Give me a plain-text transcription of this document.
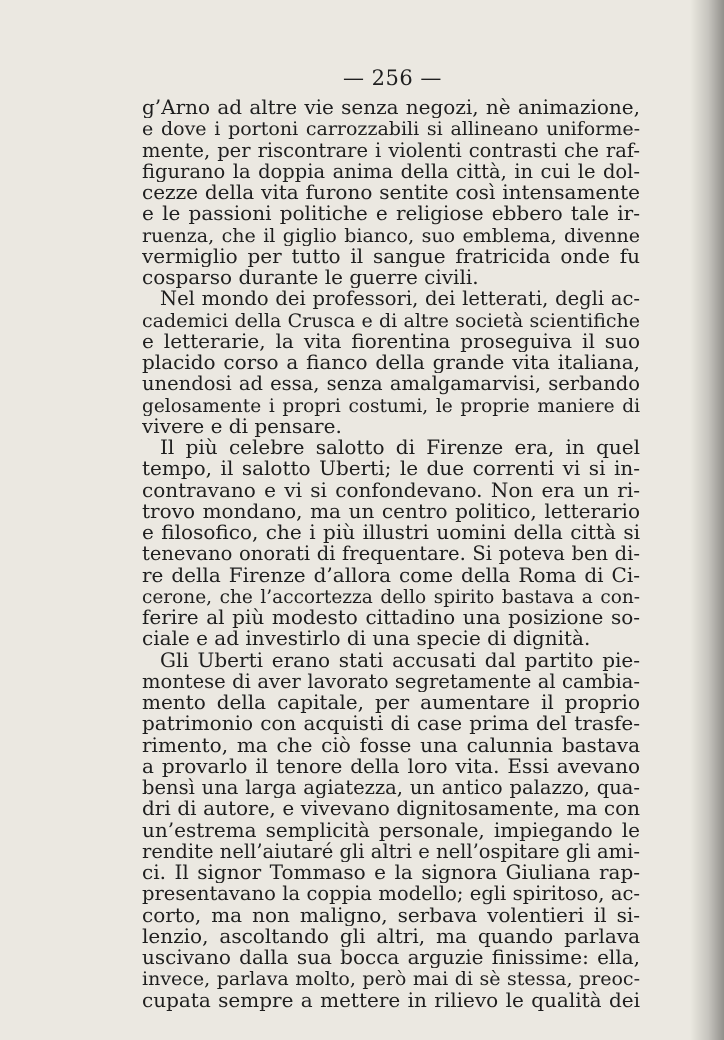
— 256 —
g’Arno ad altre vie senza negozi, nè animazione,
e dove i portoni carrozzabili si allineano uniforme-
mente, per riscontrare i violenti contrasti che raf-
figurano la doppia anima della città, in cui le dol-
cezze della vita furono sentite così intensamente
e le passioni politiche e religiose ebbero tale ir-
ruenza, che il giglio bianco, suo emblema, divenne
vermiglio per tutto il sangue fratricida onde fu
cosparso durante le guerre civili.
Nel mondo dei professori, dei letterati, degli ac-
cademici della Crusca e di altre società scientifiche
e letterarie, la vita fiorentina proseguiva il suo
placido corso a fianco della grande vita italiana,
unendosi ad essa, senza amalgamarvisi, serbando
gelosamente i propri costumi, le proprie maniere di
vivere e di pensare.
Il più celebre salotto di Firenze era, in quel
tempo, il salotto Uberti; le due correnti vi si in-
contravano e vi si confondevano. Non era un ri-
trovo mondano, ma un centro politico, letterario
e filosofico, che i più illustri uomini della città si
tenevano onorati di frequentare. Si poteva ben di-
re della Firenze d’allora come della Roma di Ci-
cerone, che l’accortezza dello spirito bastava a con-
ferire al più modesto cittadino una posizione so-
ciale e ad investirlo di una specie di dignità.
Gli Uberti erano stati accusati dal partito pie-
montese di aver lavorato segretamente al cambia-
mento della capitale, per aumentare il proprio
patrimonio con acquisti di case prima del trasfe-
rimento, ma che ciò fosse una calunnia bastava
a provarlo il tenore della loro vita. Essi avevano
bensì una larga agiatezza, un antico palazzo, qua-
dri di autore, e vivevano dignitosamente, ma con
un’estrema semplicità personale, impiegando le
rendite nell’aiutaré gli altri e nell’ospitare gli ami-
ci. Il signor Tommaso e la signora Giuliana rap-
presentavano la coppia modello; egli spiritoso, ac-
corto, ma non maligno, serbava volentieri il si-
lenzio, ascoltando gli altri, ma quando parlava
uscivano dalla sua bocca arguzie finissime: ella,
invece, parlava molto, però mai di sè stessa, preoc-
cupata sempre a mettere in rilievo le qualità dei
